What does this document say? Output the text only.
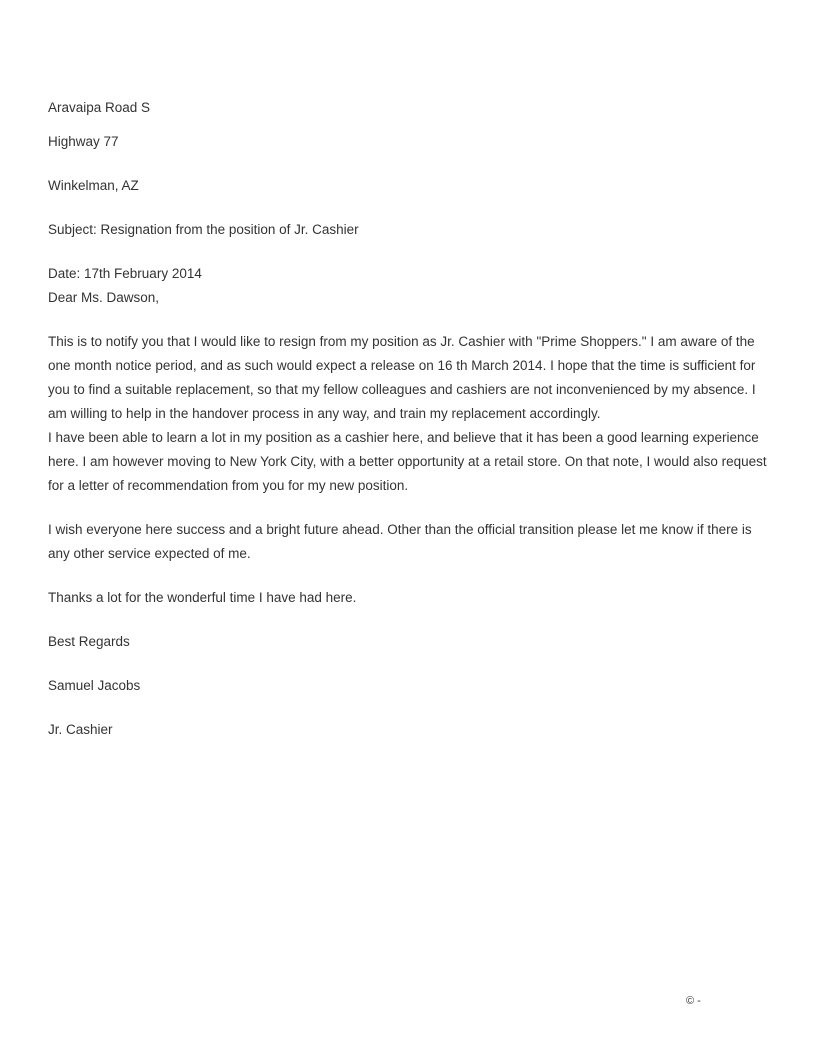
Aravaipa Road S
Highway 77
Winkelman, AZ
Subject: Resignation from the position of Jr. Cashier
Date: 17th February 2014
Dear Ms. Dawson,
This is to notify you that I would like to resign from my position as Jr. Cashier with "Prime Shoppers." I am aware of the
one month notice period, and as such would expect a release on 16 th March 2014. I hope that the time is sufficient for
you to find a suitable replacement, so that my fellow colleagues and cashiers are not inconvenienced by my absence. I
am willing to help in the handover process in any way, and train my replacement accordingly.
I have been able to learn a lot in my position as a cashier here, and believe that it has been a good learning experience
here. I am however moving to New York City, with a better opportunity at a retail store. On that note, I would also request
for a letter of recommendation from you for my new position.
I wish everyone here success and a bright future ahead. Other than the official transition please let me know if there is
any other service expected of me.
Thanks a lot for the wonderful time I have had here.
Best Regards
Samuel Jacobs
Jr. Cashier
© -
